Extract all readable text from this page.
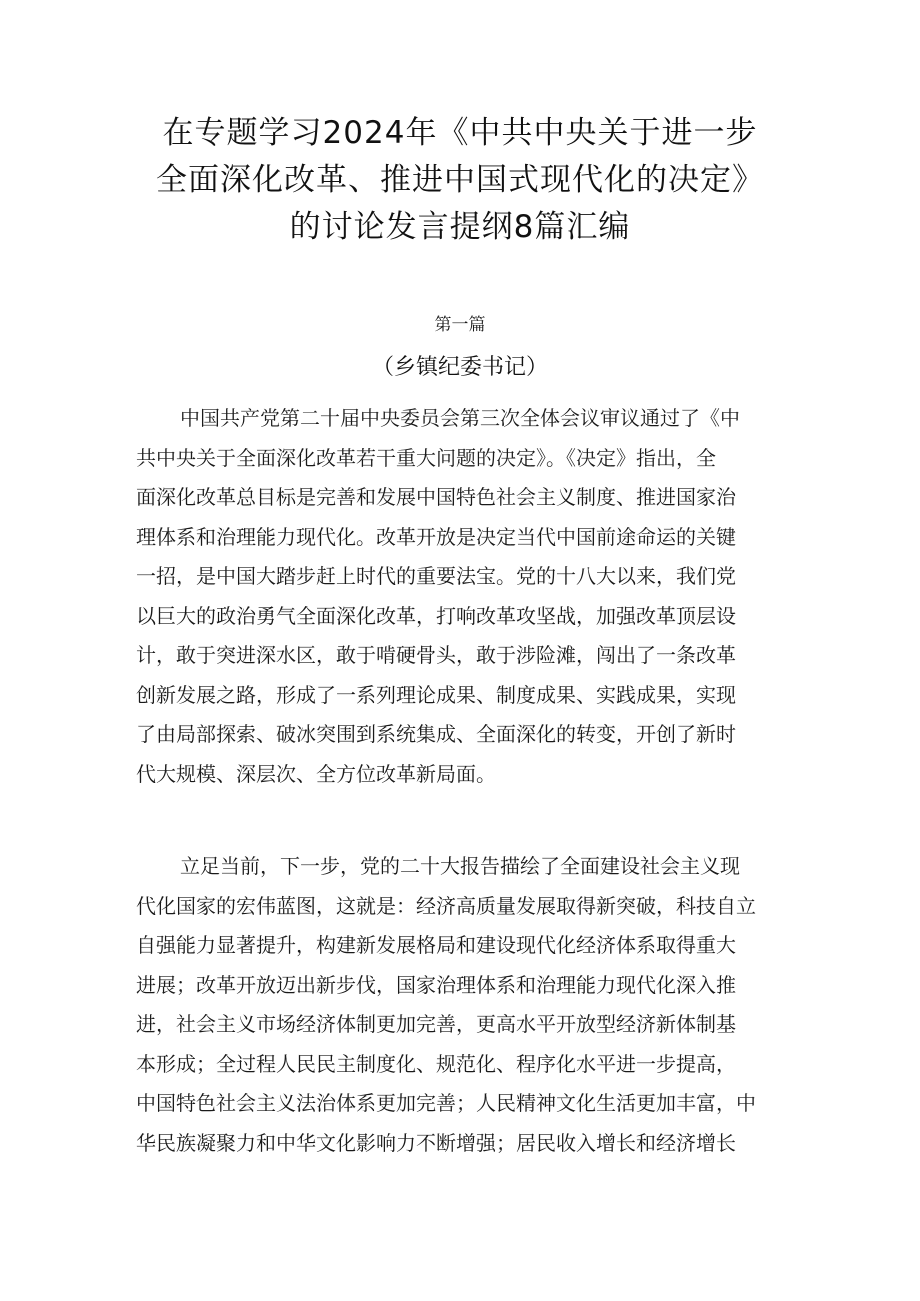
在专题学习2024年《中共中央关于进一步
全面深化改革、推进中国式现代化的决定》
的讨论发言提纲8篇汇编
第一篇
（乡镇纪委书记）
中国共产党第二十届中央委员会第三次全体会议审议通过了《中
共中央关于全面深化改革若干重大问题的决定》。《决定》指出，全
面深化改革总目标是完善和发展中国特色社会主义制度、推进国家治
理体系和治理能力现代化。改革开放是决定当代中国前途命运的关键
一招，是中国大踏步赶上时代的重要法宝。党的十八大以来，我们党
以巨大的政治勇气全面深化改革，打响改革攻坚战，加强改革顶层设
计，敢于突进深水区，敢于啃硬骨头，敢于涉险滩，闯出了一条改革
创新发展之路，形成了一系列理论成果、制度成果、实践成果，实现
了由局部探索、破冰突围到系统集成、全面深化的转变，开创了新时
代大规模、深层次、全方位改革新局面。
立足当前，下一步，党的二十大报告描绘了全面建设社会主义现
代化国家的宏伟蓝图，这就是：经济高质量发展取得新突破，科技自立
自强能力显著提升，构建新发展格局和建设现代化经济体系取得重大
进展；改革开放迈出新步伐，国家治理体系和治理能力现代化深入推
进，社会主义市场经济体制更加完善，更高水平开放型经济新体制基
本形成；全过程人民民主制度化、规范化、程序化水平进一步提高，
中国特色社会主义法治体系更加完善；人民精神文化生活更加丰富，中
华民族凝聚力和中华文化影响力不断增强；居民收入增长和经济增长
